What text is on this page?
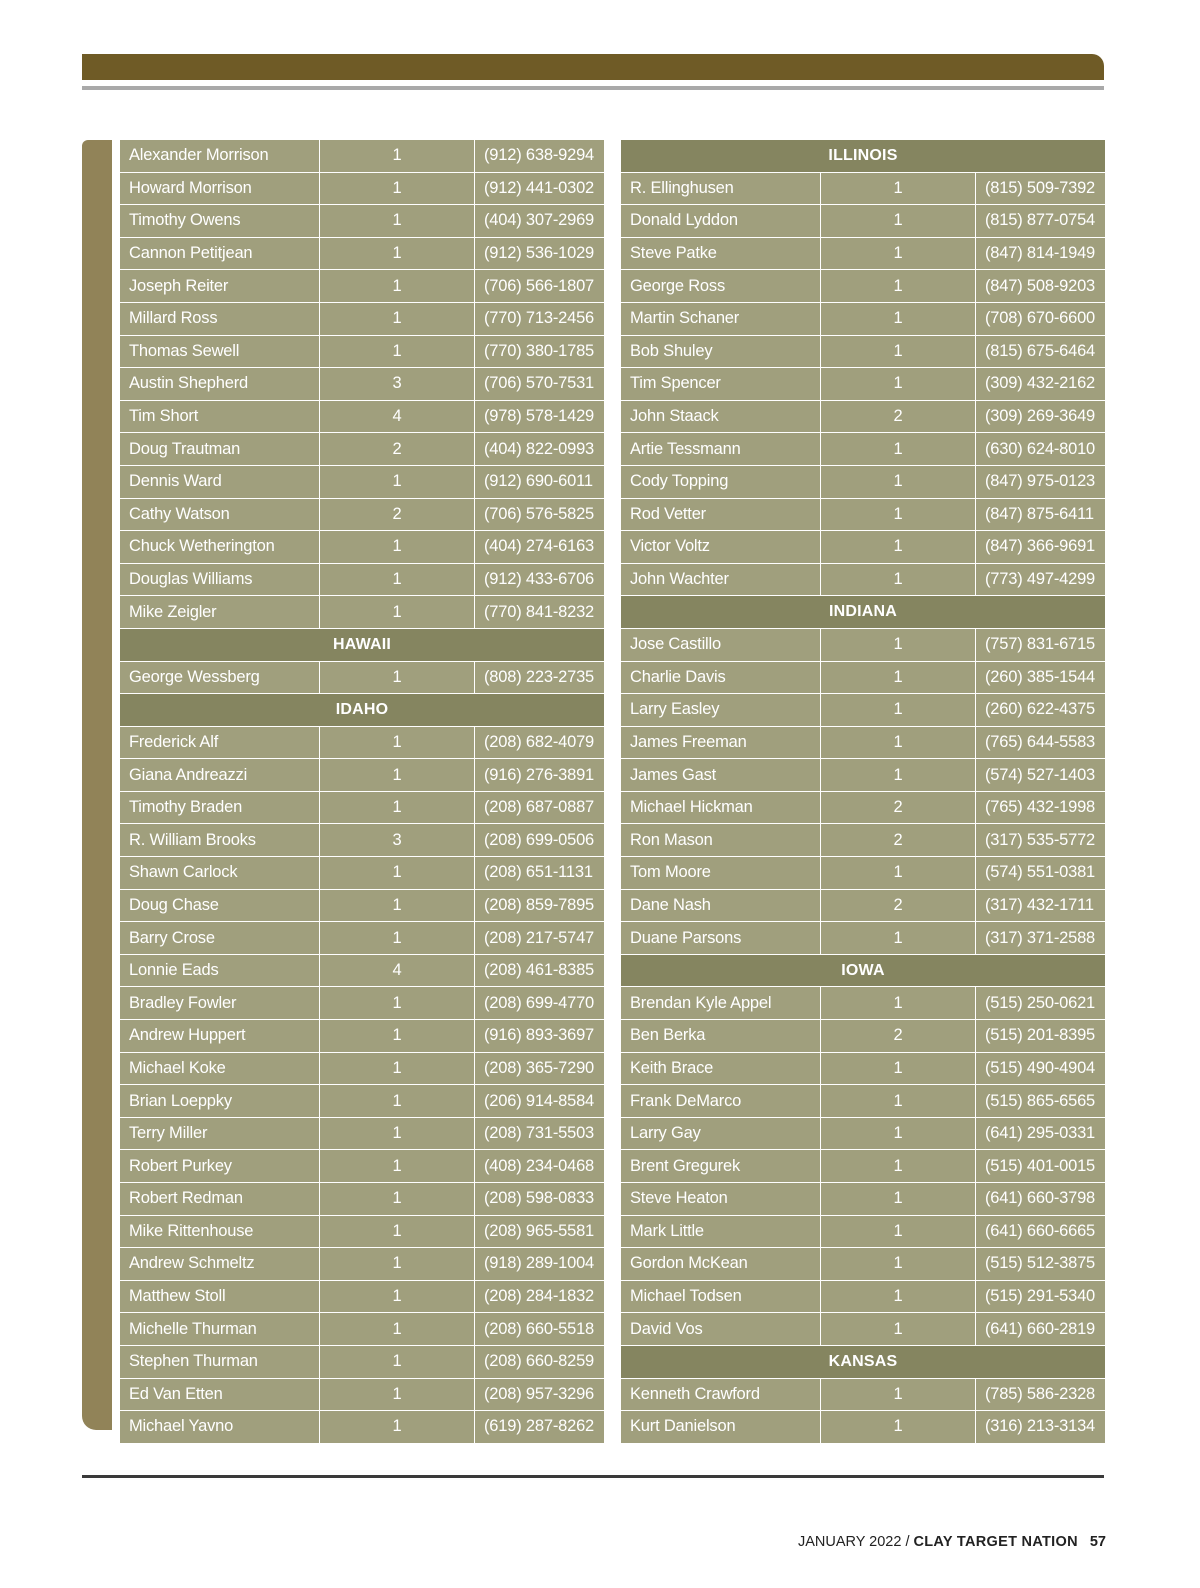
Alexander Morrison	1	(912) 638-9294
Howard Morrison	1	(912) 441-0302
Timothy Owens	1	(404) 307-2969
Cannon Petitjean	1	(912) 536-1029
Joseph Reiter	1	(706) 566-1807
Millard Ross	1	(770) 713-2456
Thomas Sewell	1	(770) 380-1785
Austin Shepherd	3	(706) 570-7531
Tim Short	4	(978) 578-1429
Doug Trautman	2	(404) 822-0993
Dennis Ward	1	(912) 690-6011
Cathy Watson	2	(706) 576-5825
Chuck Wetherington	1	(404) 274-6163
Douglas Williams	1	(912) 433-6706
Mike Zeigler	1	(770) 841-8232
HAWAII
George Wessberg	1	(808) 223-2735
IDAHO
Frederick Alf	1	(208) 682-4079
Giana Andreazzi	1	(916) 276-3891
Timothy Braden	1	(208) 687-0887
R. William Brooks	3	(208) 699-0506
Shawn Carlock	1	(208) 651-1131
Doug Chase	1	(208) 859-7895
Barry Crose	1	(208) 217-5747
Lonnie Eads	4	(208) 461-8385
Bradley Fowler	1	(208) 699-4770
Andrew Huppert	1	(916) 893-3697
Michael Koke	1	(208) 365-7290
Brian Loeppky	1	(206) 914-8584
Terry Miller	1	(208) 731-5503
Robert Purkey	1	(408) 234-0468
Robert Redman	1	(208) 598-0833
Mike Rittenhouse	1	(208) 965-5581
Andrew Schmeltz	1	(918) 289-1004
Matthew Stoll	1	(208) 284-1832
Michelle Thurman	1	(208) 660-5518
Stephen Thurman	1	(208) 660-8259
Ed Van Etten	1	(208) 957-3296
Michael Yavno	1	(619) 287-8262
ILLINOIS
R. Ellinghusen	1	(815) 509-7392
Donald Lyddon	1	(815) 877-0754
Steve Patke	1	(847) 814-1949
George Ross	1	(847) 508-9203
Martin Schaner	1	(708) 670-6600
Bob Shuley	1	(815) 675-6464
Tim Spencer	1	(309) 432-2162
John Staack	2	(309) 269-3649
Artie Tessmann	1	(630) 624-8010
Cody Topping	1	(847) 975-0123
Rod Vetter	1	(847) 875-6411
Victor Voltz	1	(847) 366-9691
John Wachter	1	(773) 497-4299
INDIANA
Jose Castillo	1	(757) 831-6715
Charlie Davis	1	(260) 385-1544
Larry Easley	1	(260) 622-4375
James Freeman	1	(765) 644-5583
James Gast	1	(574) 527-1403
Michael Hickman	2	(765) 432-1998
Ron Mason	2	(317) 535-5772
Tom Moore	1	(574) 551-0381
Dane Nash	2	(317) 432-1711
Duane Parsons	1	(317) 371-2588
IOWA
Brendan Kyle Appel	1	(515) 250-0621
Ben Berka	2	(515) 201-8395
Keith Brace	1	(515) 490-4904
Frank DeMarco	1	(515) 865-6565
Larry Gay	1	(641) 295-0331
Brent Gregurek	1	(515) 401-0015
Steve Heaton	1	(641) 660-3798
Mark Little	1	(641) 660-6665
Gordon McKean	1	(515) 512-3875
Michael Todsen	1	(515) 291-5340
David Vos	1	(641) 660-2819
KANSAS
Kenneth Crawford	1	(785) 586-2328
Kurt Danielson	1	(316) 213-3134
JANUARY 2022 / CLAY TARGET NATION 57
